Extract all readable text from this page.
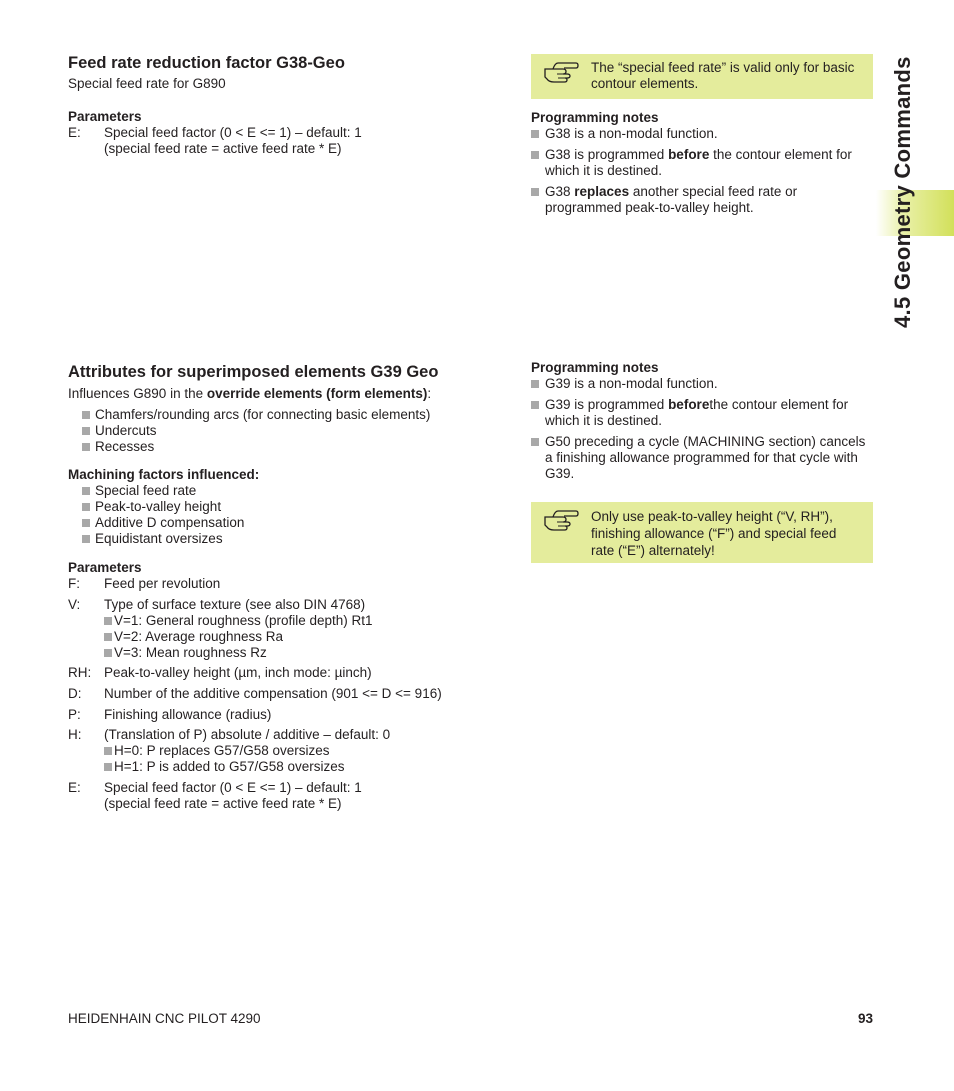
4.5 Geometry Commands
Feed rate reduction factor G38-Geo
Special feed rate for G890
Parameters
E:	Special feed factor (0 < E <= 1) – default: 1
(special feed rate = active feed rate * E)
The “special feed rate” is valid only for basic contour elements.
Programming notes
G38 is a non-modal function.
G38 is programmed before the contour element for which it is destined.
G38 replaces another special feed rate or programmed peak-to-valley height.
Attributes for superimposed elements G39 Geo
Influences G890 in the override elements (form elements):
Chamfers/rounding arcs (for connecting basic elements)
Undercuts
Recesses
Machining factors influenced:
Special feed rate
Peak-to-valley height
Additive D compensation
Equidistant oversizes
Parameters
F:	Feed per revolution
V:	Type of surface texture (see also DIN 4768)
V=1: General roughness (profile depth) Rt1
V=2: Average roughness Ra
V=3: Mean roughness Rz
RH: Peak-to-valley height (µm, inch mode: µinch)
D:	Number of the additive compensation (901 <= D <= 916)
P:	Finishing allowance (radius)
H:	(Translation of P) absolute / additive – default: 0
H=0: P replaces G57/G58 oversizes
H=1: P is added to G57/G58 oversizes
E:	Special feed factor (0 < E <= 1) – default: 1
(special feed rate = active feed rate * E)
Programming notes
G39 is a non-modal function.
G39 is programmed beforethe contour element for which it is destined.
G50 preceding a cycle (MACHINING section) cancels a finishing allowance programmed for that cycle with G39.
Only use peak-to-valley height (“V, RH”), finishing allowance (“F”) and special feed rate (“E”) alternately!
HEIDENHAIN CNC PILOT 4290	93
